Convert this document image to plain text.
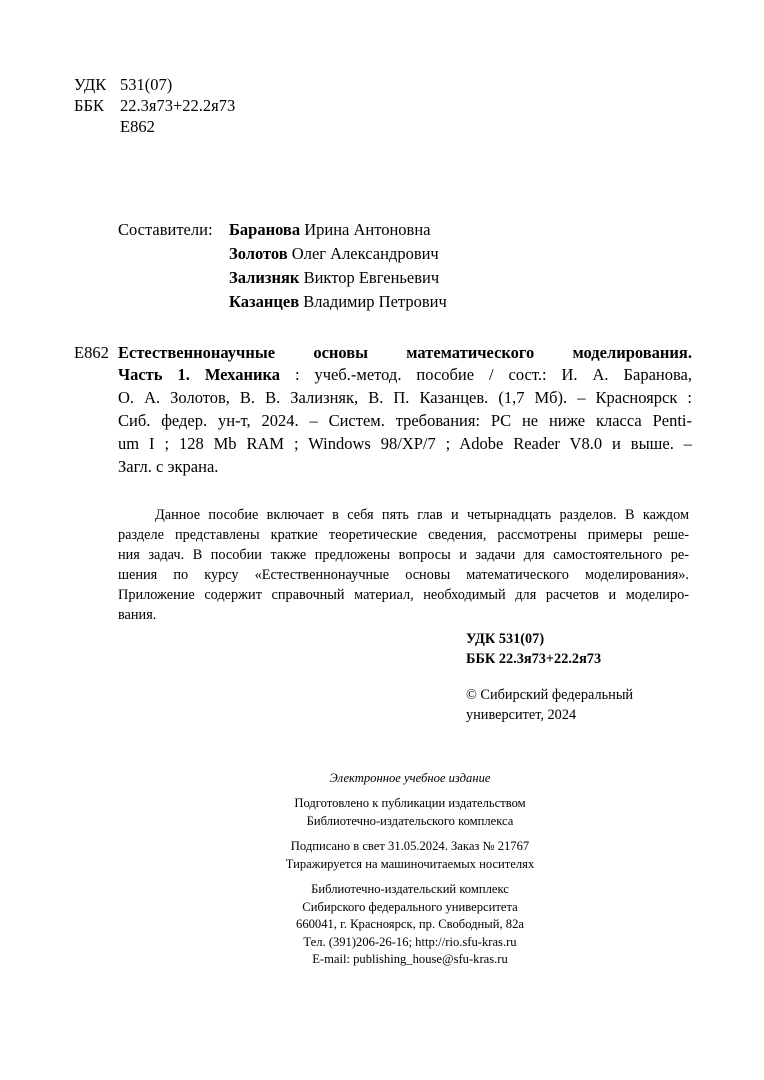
УДК 531(07)
ББК 22.3я73+22.2я73
Е862
Составители: Баранова Ирина Антоновна
Золотов Олег Александрович
Зализняк Виктор Евгеньевич
Казанцев Владимир Петрович
Е862 Естественнонаучные основы математического моделирования.
Часть 1. Механика : учеб.-метод. пособие / сост.: И. А. Баранова,
О. А. Золотов, В. В. Зализняк, В. П. Казанцев. (1,7 Мб). – Красноярск :
Сиб. федер. ун-т, 2024. – Систем. требования: PC не ниже класса Penti-
um I ; 128 Mb RAM ; Windows 98/XP/7 ; Adobe Reader V8.0 и выше. –
Загл. с экрана.
Данное пособие включает в себя пять глав и четырнадцать разделов. В каждом
разделе представлены краткие теоретические сведения, рассмотрены примеры реше-
ния задач. В пособии также предложены вопросы и задачи для самостоятельного ре-
шения по курсу «Естественнонаучные основы математического моделирования».
Приложение содержит справочный материал, необходимый для расчетов и моделиро-
вания.
УДК 531(07)
ББК 22.3я73+22.2я73
© Сибирский федеральный
университет, 2024
Электронное учебное издание
Подготовлено к публикации издательством
Библиотечно-издательского комплекса
Подписано в свет 31.05.2024. Заказ № 21767
Тиражируется на машиночитаемых носителях
Библиотечно-издательский комплекс
Сибирского федерального университета
660041, г. Красноярск, пр. Свободный, 82а
Тел. (391)206-26-16; http://rio.sfu-kras.ru
E-mail: publishing_house@sfu-kras.ru
